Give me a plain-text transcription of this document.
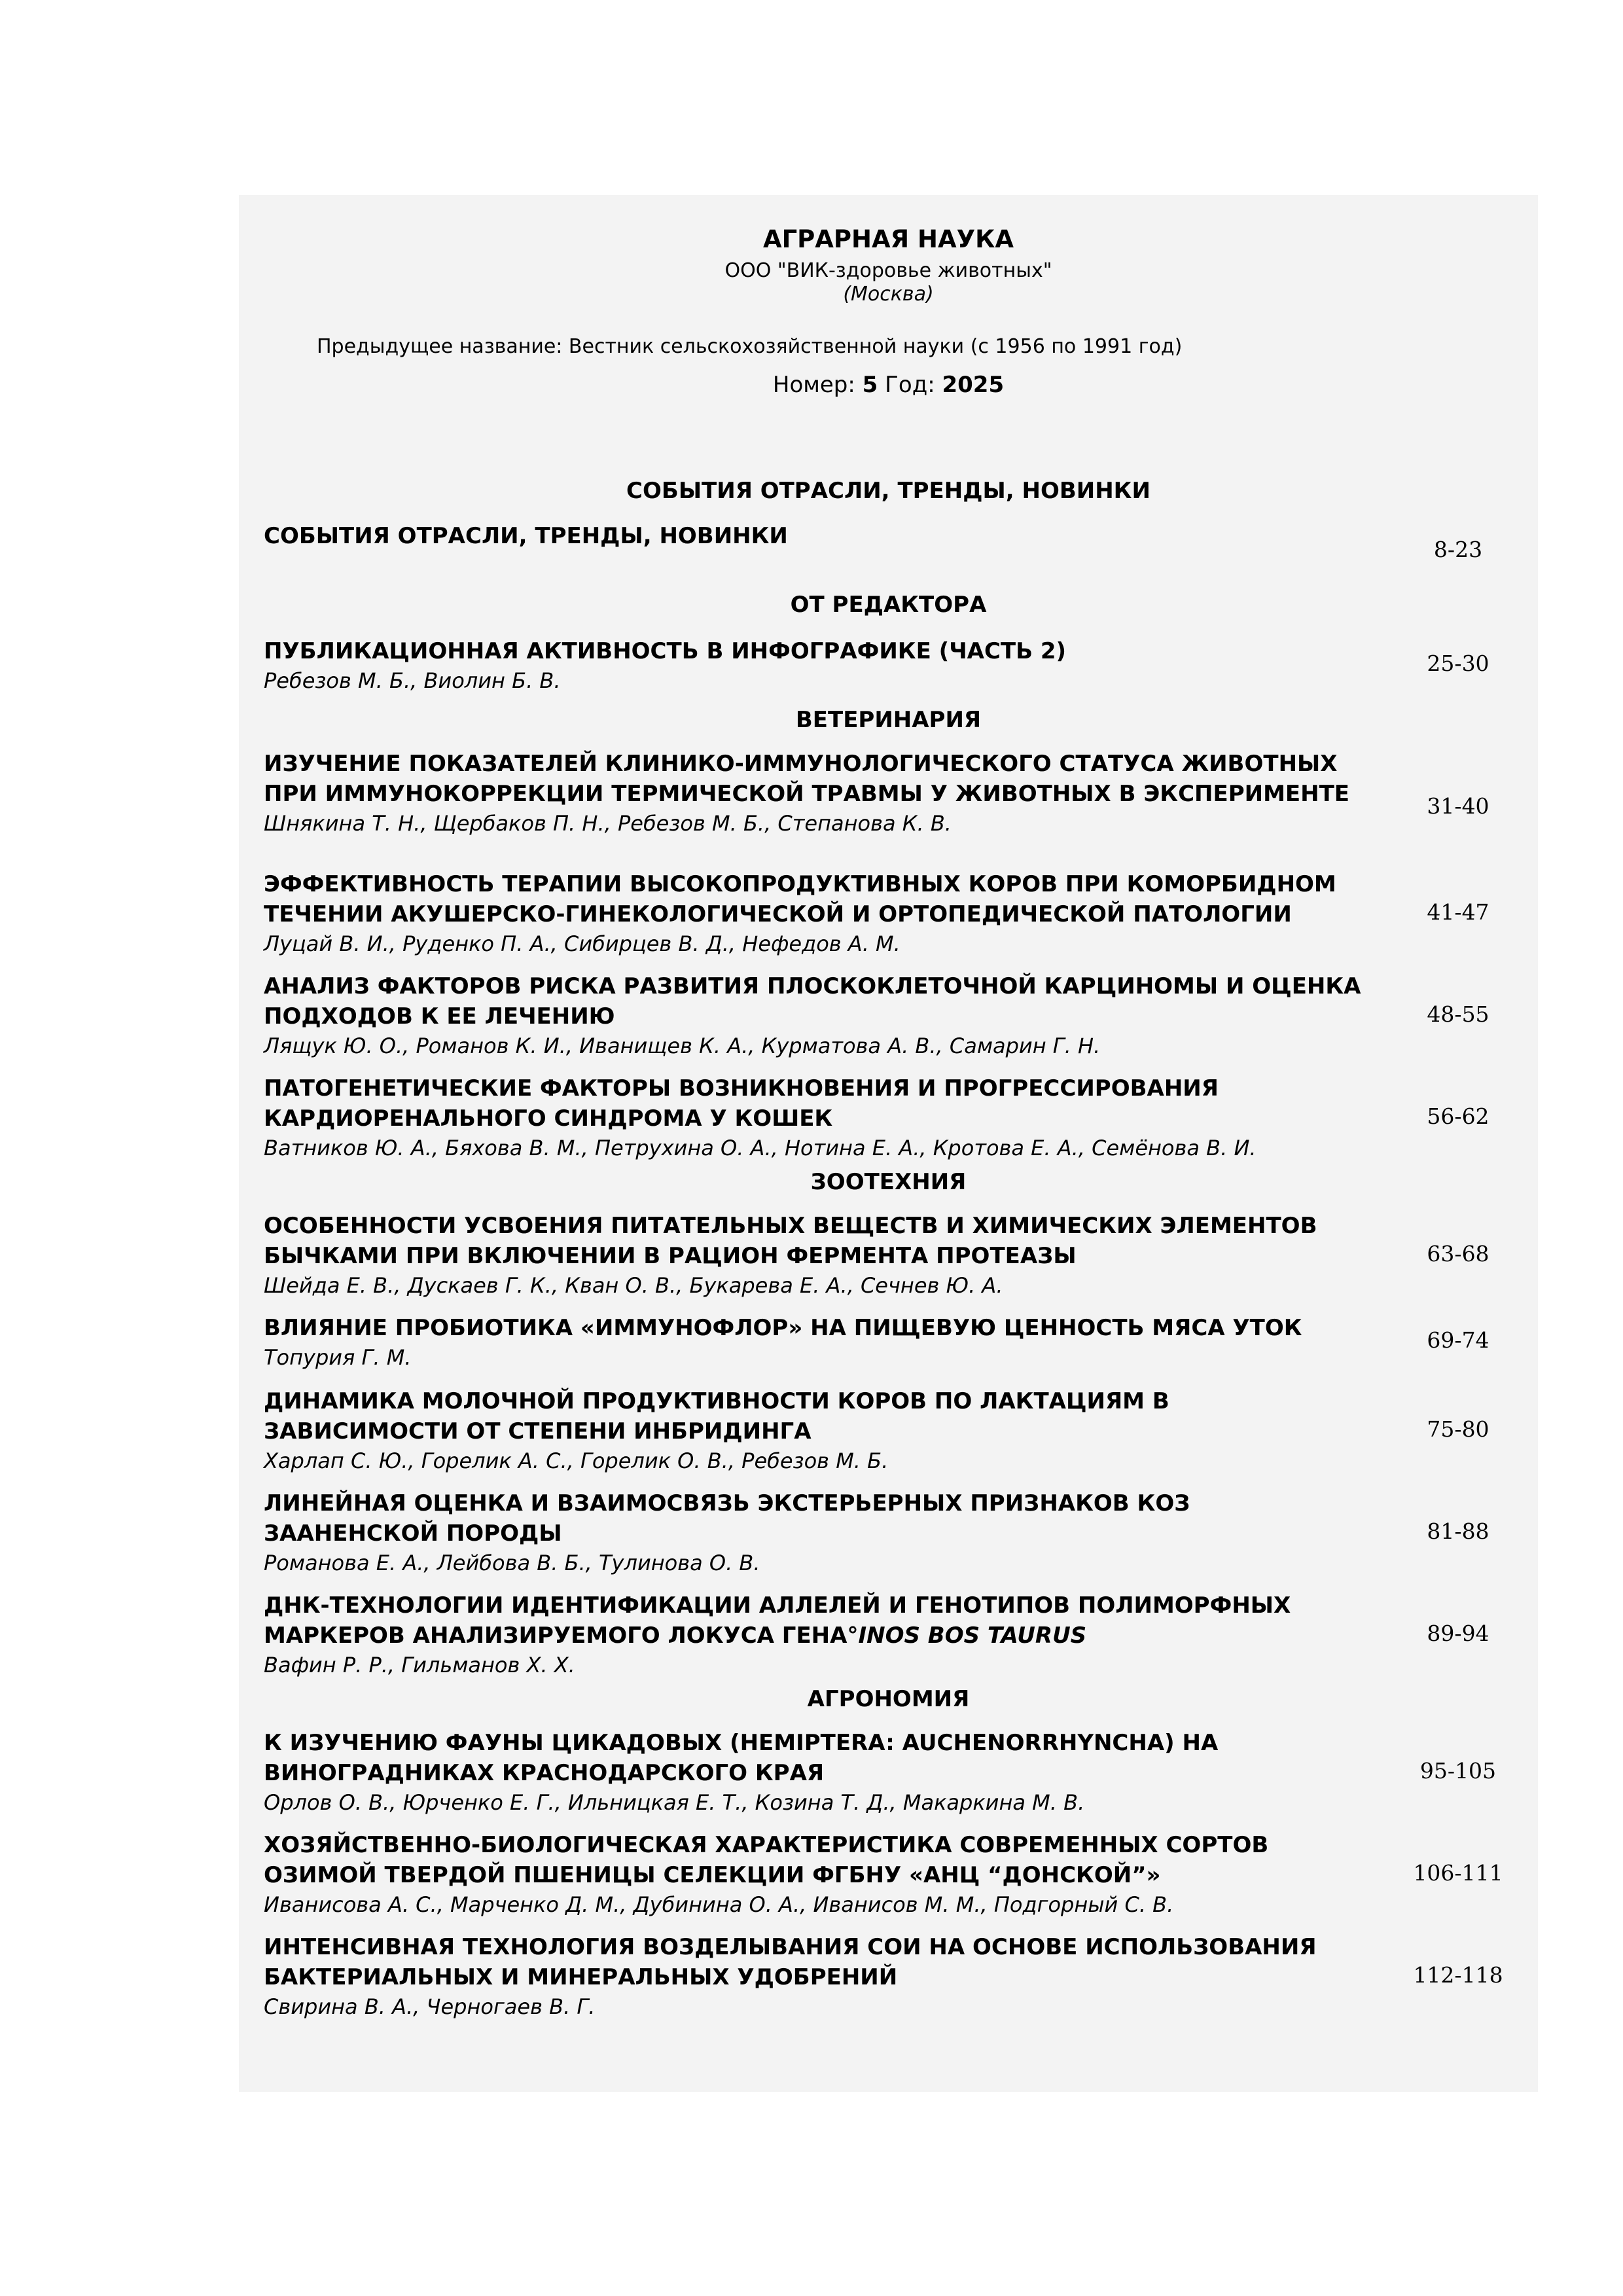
АГРАРНАЯ НАУКА
ООО "ВИК-здоровье животных"
(Москва)
Предыдущее название: Вестник сельскохозяйственной науки (с 1956 по 1991 год)
Номер: 5 Год: 2025
СОБЫТИЯ ОТРАСЛИ, ТРЕНДЫ, НОВИНКИ
СОБЫТИЯ ОТРАСЛИ, ТРЕНДЫ, НОВИНКИ
8-23
ОТ РЕДАКТОРА
ПУБЛИКАЦИОННАЯ АКТИВНОСТЬ В ИНФОГРАФИКЕ (ЧАСТЬ 2)
Ребезов М. Б., Виолин Б. В.
25-30
ВЕТЕРИНАРИЯ
ИЗУЧЕНИЕ ПОКАЗАТЕЛЕЙ КЛИНИКО-ИММУНОЛОГИЧЕСКОГО СТАТУСА ЖИВОТНЫХ ПРИ ИММУНОКОРРЕКЦИИ ТЕРМИЧЕСКОЙ ТРАВМЫ У ЖИВОТНЫХ В ЭКСПЕРИМЕНТЕ
Шнякина Т. Н., Щербаков П. Н., Ребезов М. Б., Степанова К. В.
31-40
ЭФФЕКТИВНОСТЬ ТЕРАПИИ ВЫСОКОПРОДУКТИВНЫХ КОРОВ ПРИ КОМОРБИДНОМ ТЕЧЕНИИ АКУШЕРСКО-ГИНЕКОЛОГИЧЕСКОЙ И ОРТОПЕДИЧЕСКОЙ ПАТОЛОГИИ
Луцай В. И., Руденко П. А., Сибирцев В. Д., Нефедов А. М.
41-47
АНАЛИЗ ФАКТОРОВ РИСКА РАЗВИТИЯ ПЛОСКОКЛЕТОЧНОЙ КАРЦИНОМЫ И ОЦЕНКА ПОДХОДОВ К ЕЕ ЛЕЧЕНИЮ
Лящук Ю. О., Романов К. И., Иванищев К. А., Курматова А. В., Самарин Г. Н.
48-55
ПАТОГЕНЕТИЧЕСКИЕ ФАКТОРЫ ВОЗНИКНОВЕНИЯ И ПРОГРЕССИРОВАНИЯ КАРДИОРЕНАЛЬНОГО СИНДРОМА У КОШЕК
Ватников Ю. А., Бяхова В. М., Петрухина О. А., Нотина Е. А., Кротова Е. А., Семёнова В. И.
56-62
ЗООТЕХНИЯ
ОСОБЕННОСТИ УСВОЕНИЯ ПИТАТЕЛЬНЫХ ВЕЩЕСТВ И ХИМИЧЕСКИХ ЭЛЕМЕНТОВ БЫЧКАМИ ПРИ ВКЛЮЧЕНИИ В РАЦИОН ФЕРМЕНТА ПРОТЕАЗЫ
Шейда Е. В., Дускаев Г. К., Кван О. В., Букарева Е. А., Сечнев Ю. А.
63-68
ВЛИЯНИЕ ПРОБИОТИКА «ИММУНОФЛОР» НА ПИЩЕВУЮ ЦЕННОСТЬ МЯСА УТОК
Топурия Г. М.
69-74
ДИНАМИКА МОЛОЧНОЙ ПРОДУКТИВНОСТИ КОРОВ ПО ЛАКТАЦИЯМ В ЗАВИСИМОСТИ ОТ СТЕПЕНИ ИНБРИДИНГА
Харлап С. Ю., Горелик А. С., Горелик О. В., Ребезов М. Б.
75-80
ЛИНЕЙНАЯ ОЦЕНКА И ВЗАИМОСВЯЗЬ ЭКСТЕРЬЕРНЫХ ПРИЗНАКОВ КОЗ ЗААНЕНСКОЙ ПОРОДЫ
Романова Е. А., Лейбова В. Б., Тулинова О. В.
81-88
ДНК-ТЕХНОЛОГИИ ИДЕНТИФИКАЦИИ АЛЛЕЛЕЙ И ГЕНОТИПОВ ПОЛИМОРФНЫХ МАРКЕРОВ АНАЛИЗИРУЕМОГО ЛОКУСА ГЕНА°INOS BOS TAURUS
Вафин Р. Р., Гильманов Х. Х.
89-94
АГРОНОМИЯ
К ИЗУЧЕНИЮ ФАУНЫ ЦИКАДОВЫХ (HEMIPTERA: AUCHENORRHYNCHA) НА ВИНОГРАДНИКАХ КРАСНОДАРСКОГО КРАЯ
Орлов О. В., Юрченко Е. Г., Ильницкая Е. Т., Козина Т. Д., Макаркина М. В.
95-105
ХОЗЯЙСТВЕННО-БИОЛОГИЧЕСКАЯ ХАРАКТЕРИСТИКА СОВРЕМЕННЫХ СОРТОВ ОЗИМОЙ ТВЕРДОЙ ПШЕНИЦЫ СЕЛЕКЦИИ ФГБНУ «АНЦ “ДОНСКОЙ”»
Иванисова А. С., Марченко Д. М., Дубинина О. А., Иванисов М. М., Подгорный С. В.
106-111
ИНТЕНСИВНАЯ ТЕХНОЛОГИЯ ВОЗДЕЛЫВАНИЯ СОИ НА ОСНОВЕ ИСПОЛЬЗОВАНИЯ БАКТЕРИАЛЬНЫХ И МИНЕРАЛЬНЫХ УДОБРЕНИЙ
Свирина В. А., Черногаев В. Г.
112-118
